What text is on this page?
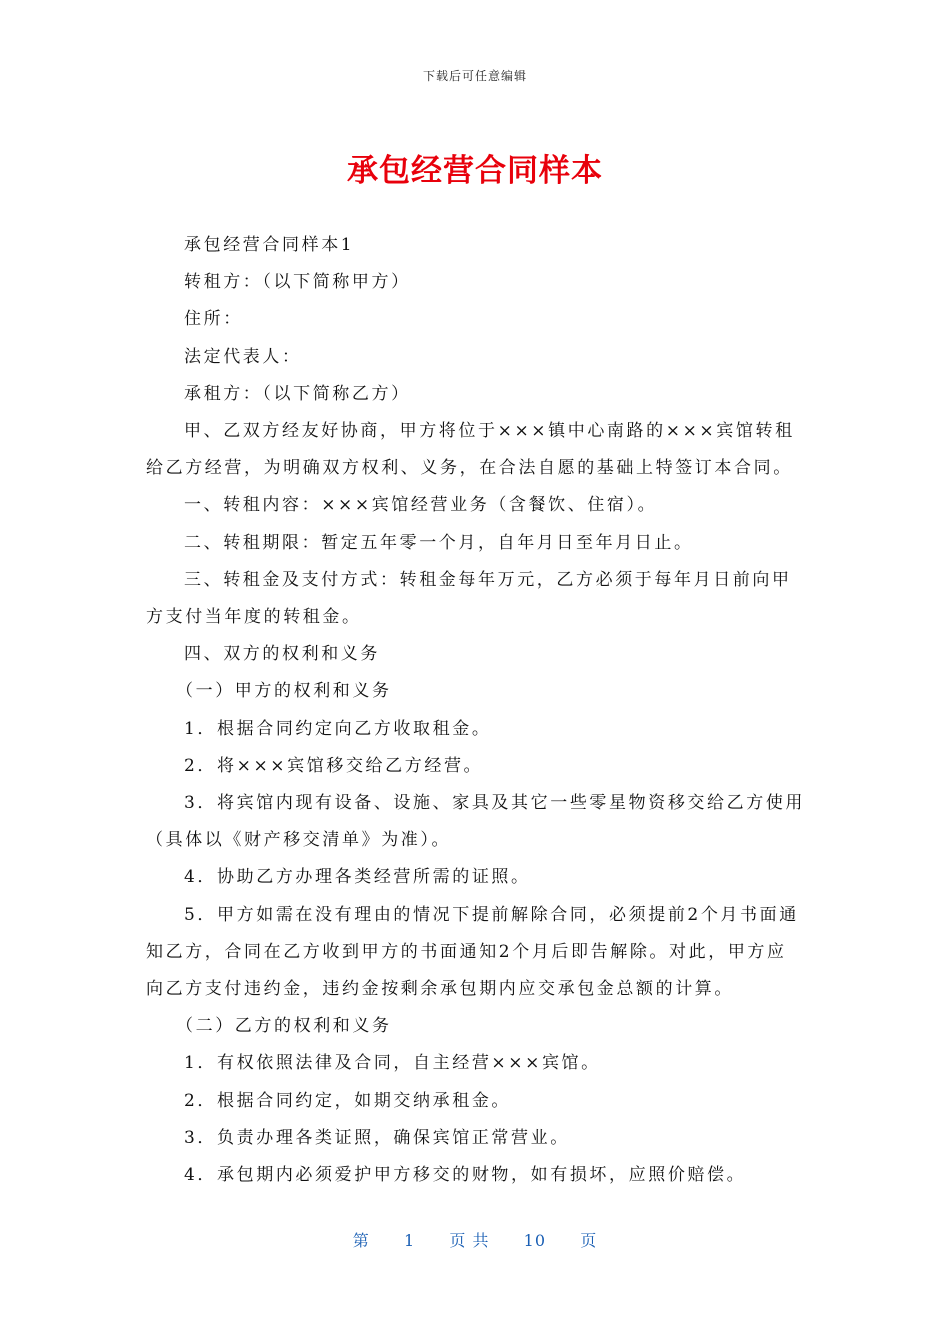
下载后可任意编辑
承包经营合同样本

承包经营合同样本1

转租方：（以下简称甲方）

住所：

法定代表人：

承租方：（以下简称乙方）

甲、乙双方经友好协商，甲方将位于×××镇中心南路的×××宾馆转租给乙方经营，为明确双方权利、义务，在合法自愿的基础上特签订本合同。

一、转租内容：×××宾馆经营业务（含餐饮、住宿）。

二、转租期限：暂定五年零一个月，自年月日至年月日止。

三、转租金及支付方式：转租金每年万元，乙方必须于每年月日前向甲方支付当年度的转租金。

四、双方的权利和义务

（一）甲方的权利和义务

1．根据合同约定向乙方收取租金。

2．将×××宾馆移交给乙方经营。

3．将宾馆内现有设备、设施、家具及其它一些零星物资移交给乙方使用（具体以《财产移交清单》为准）。

4．协助乙方办理各类经营所需的证照。

5．甲方如需在没有理由的情况下提前解除合同，必须提前2个月书面通知乙方，合同在乙方收到甲方的书面通知2个月后即告解除。对此，甲方应向乙方支付违约金，违约金按剩余承包期内应交承包金总额的计算。

（二）乙方的权利和义务

1．有权依照法律及合同，自主经营×××宾馆。

2．根据合同约定，如期交纳承租金。

3．负责办理各类证照，确保宾馆正常营业。

4．承包期内必须爱护甲方移交的财物，如有损坏，应照价赔偿。

第 1 页 共 10 页
